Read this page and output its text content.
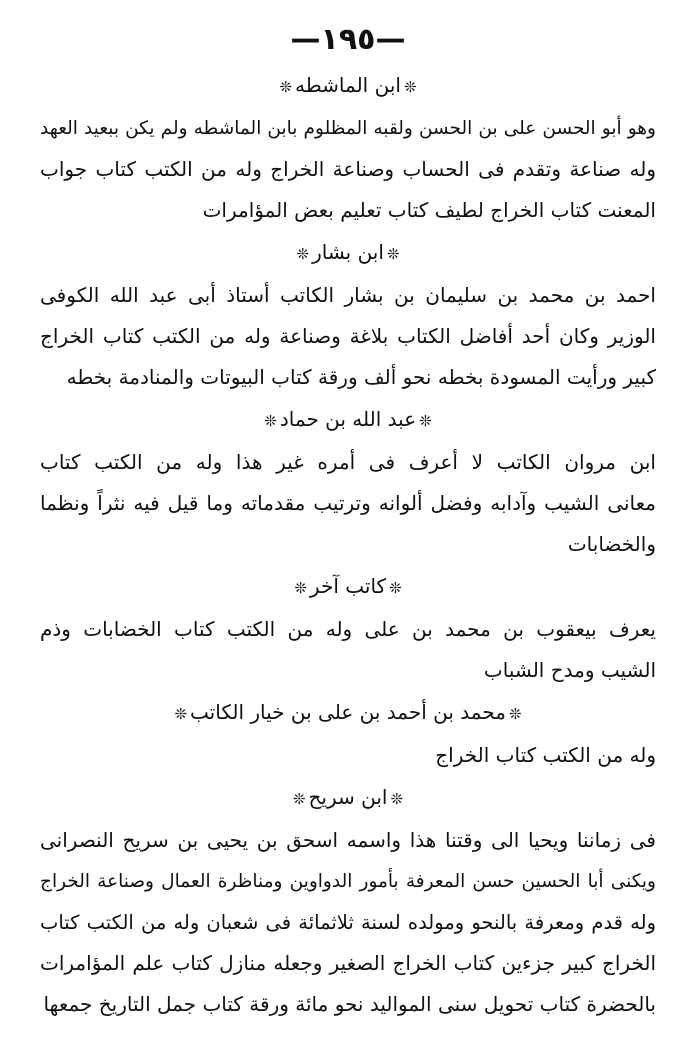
—١٩٥—
❊ابن الماشطه❊
وهو أبو الحسن على بن الحسن ولقبه المظلوم بابن الماشطه ولم يكن ببعيد العهد
وله صناعة وتقدم فى الحساب وصناعة الخراج وله من الكتب كتاب جواب
المعنت كتاب الخراج لطيف كتاب تعليم بعض المؤامرات
❊ابن بشار❊
احمد بن محمد بن سليمان بن بشار الكاتب أستاذ أبى عبد الله الكوفى
الوزير وكان أحد أفاضل الكتاب بلاغة وصناعة وله من الكتب كتاب الخراج
كبير ورأيت المسودة بخطه نحو ألف ورقة كتاب البيوتات والمنادمة بخطه
❊عبد الله بن حماد❊
ابن مروان الكاتب لا أعرف فى أمره غير هذا وله من الكتب كتاب
معانى الشيب وآدابه وفضل ألوانه وترتيب مقدماته وما قيل فيه نثراً ونظما
والخضابات
❊كاتب آخر❊
يعرف بيعقوب بن محمد بن على وله من الكتب كتاب الخضابات وذم
الشيب ومدح الشباب
❊محمد بن أحمد بن على بن خيار الكاتب❊
وله من الكتب كتاب الخراج
❊ابن سريح❊
فى زماننا ويحيا الى وقتنا هذا واسمه اسحق بن يحيى بن سريح النصرانى
ويكنى أبا الحسين حسن المعرفة بأمور الدواوين ومناظرة العمال وصناعة الخراج
وله قدم ومعرفة بالنحو ومولده لسنة ثلاثمائة فى شعبان وله من الكتب كتاب
الخراج كبير جزءين كتاب الخراج الصغير وجعله منازل كتاب علم المؤامرات
بالحضرة كتاب تحويل سنى المواليد نحو مائة ورقة كتاب جمل التاريخ جمعها
